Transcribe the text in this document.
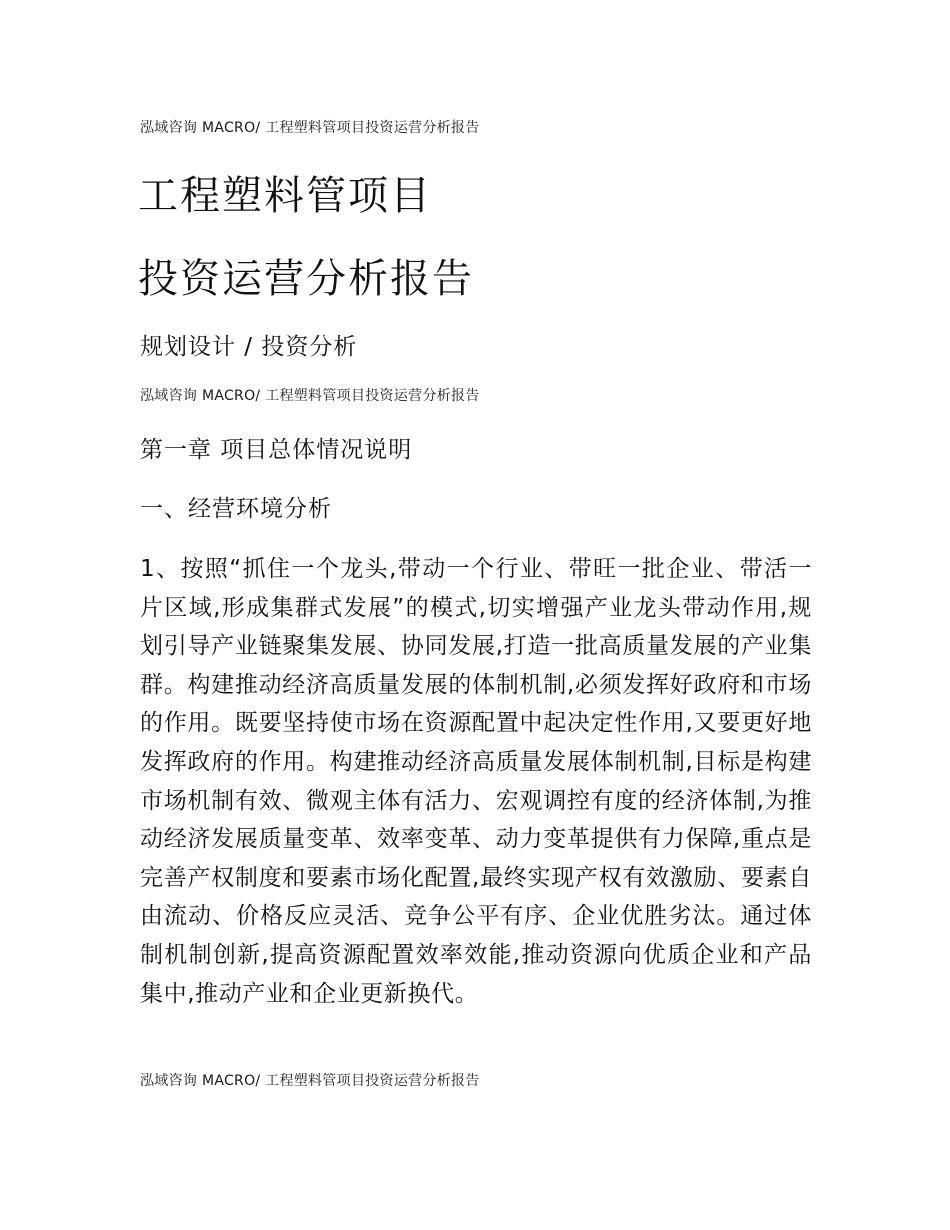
泓域咨询 MACRO/ 工程塑料管项目投资运营分析报告
工程塑料管项目
投资运营分析报告
规划设计 / 投资分析
泓域咨询 MACRO/ 工程塑料管项目投资运营分析报告
第一章 项目总体情况说明
一、经营环境分析

1、按照“抓住一个龙头,带动一个行业、带旺一批企业、带活一片区域,形成集群式发展”的模式,切实增强产业龙头带动作用,规划引导产业链聚集发展、协同发展,打造一批高质量发展的产业集群。构建推动经济高质量发展的体制机制,必须发挥好政府和市场的作用。既要坚持使市场在资源配置中起决定性作用,又要更好地发挥政府的作用。构建推动经济高质量发展体制机制,目标是构建市场机制有效、微观主体有活力、宏观调控有度的经济体制,为推动经济发展质量变革、效率变革、动力变革提供有力保障,重点是完善产权制度和要素市场化配置,最终实现产权有效激励、要素自由流动、价格反应灵活、竞争公平有序、企业优胜劣汰。通过体制机制创新,提高资源配置效率效能,推动资源向优质企业和产品集中,推动产业和企业更新换代。

泓域咨询 MACRO/ 工程塑料管项目投资运营分析报告
